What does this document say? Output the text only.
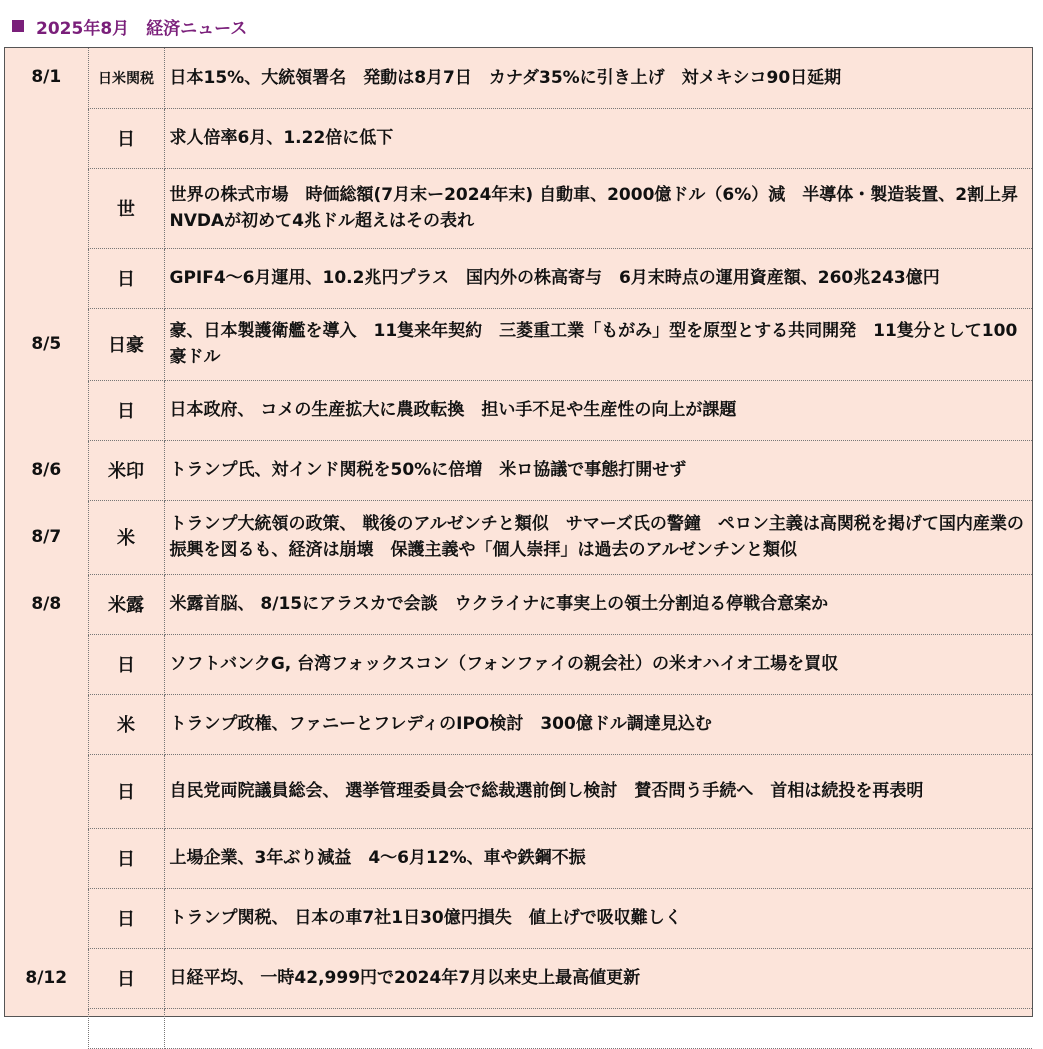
2025年8月　経済ニュース
8/1	日米関税	日本15%、大統領署名　発動は8月7日　カナダ35%に引き上げ　対メキシコ90日延期
	日	求人倍率6月、1.22倍に低下
	世	世界の株式市場　時価総額(7月末ー2024年末) 自動車、2000億ドル（6%）減　半導体・製造装置、2割上昇　NVDAが初めて4兆ドル超えはその表れ
	日	GPIF4～6月運用、10.2兆円プラス　国内外の株高寄与　6月末時点の運用資産額、260兆243億円
8/5	日豪	豪、日本製護衛艦を導入　11隻来年契約　三菱重工業「もがみ」型を原型とする共同開発　11隻分として100豪ドル
	日	日本政府、 コメの生産拡大に農政転換　担い手不足や生産性の向上が課題
8/6	米印	トランプ氏、対インド関税を50%に倍増　米ロ協議で事態打開せず
8/7	米	トランプ大統領の政策、 戦後のアルゼンチと類似　サマーズ氏の警鐘　ペロン主義は高関税を掲げて国内産業の振興を図るも、経済は崩壊　保護主義や「個人崇拝」は過去のアルゼンチンと類似
8/8	米露	米露首脳、 8/15にアラスカで会談　ウクライナに事実上の領土分割迫る停戦合意案か
	日	ソフトバンクG, 台湾フォックスコン（フォンファイの親会社）の米オハイオ工場を買収
	米	トランプ政権、ファニーとフレディのIPO検討　300億ドル調達見込む
	日	自民党両院議員総会、 選挙管理委員会で総裁選前倒し検討　賛否問う手続へ　首相は続投を再表明
	日	上場企業、3年ぶり減益　4～6月12%、車や鉄鋼不振
	日	トランプ関税、 日本の車7社1日30億円損失　値上げで吸収難しく
8/12	日	日経平均、 一時42,999円で2024年7月以来史上最高値更新
